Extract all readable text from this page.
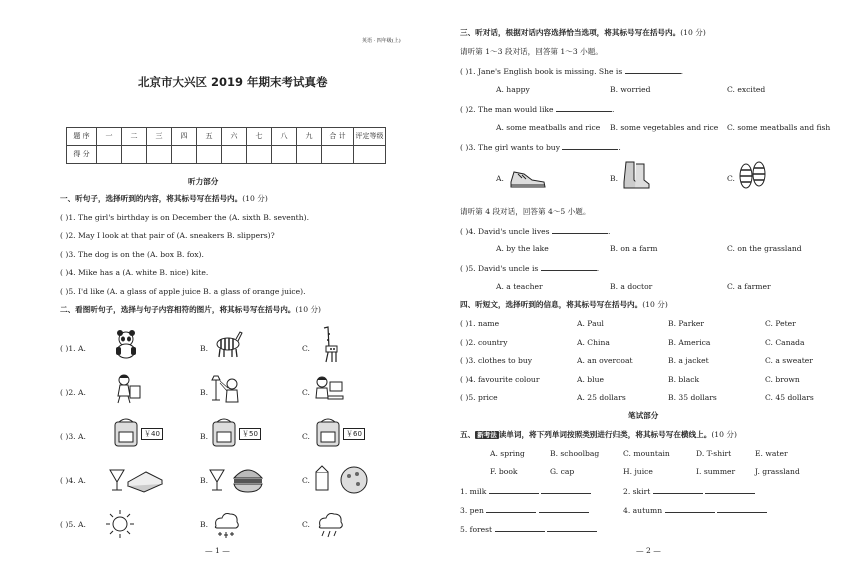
英语 · 四年级(上)
北京市大兴区 2019 年期末考试真卷
题 序	一	二	三	四	五	六	七	八	九	合 计	评定等级
得 分											
听力部分
一、听句子，选择听到的内容，将其标号写在括号内。(10 分)
( )1. The girl's birthday is on December the (A. sixth B. seventh).
( )2. May I look at that pair of (A. sneakers B. slippers)?
( )3. The dog is on the (A. box B. fox).
( )4. Mike has a (A. white B. nice) kite.
( )5. I'd like (A. a glass of apple juice B. a glass of orange juice).
二、看图听句子，选择与句子内容相符的图片，将其标号写在括号内。(10 分)
( )1. A.	B.	C.
( )2. A.	B.	C.
( )3. A.	￥40	B.	￥50	C.	￥60
( )4. A.	B.	C.
( )5. A.	B.	C.
— 1 —
三、听对话，根据对话内容选择恰当选项，将其标号写在括号内。(10 分)
请听第 1～3 段对话，回答第 1～3 小题。
( )1. Jane's English book is missing. She is	.
A. happy	B. worried	C. excited
( )2. The man would like	.
A. some meatballs and rice B. some vegetables and rice C. some meatballs and fish
( )3. The girl wants to buy	.
A.	B.	C.
请听第 4 段对话，回答第 4～5 小题。
( )4. David's uncle lives	.
A. by the lake	B. on a farm	C. on the grassland
( )5. David's uncle is	.
A. a teacher	B. a doctor	C. a farmer
四、听短文，选择听到的信息，将其标号写在括号内。(10 分)
( )1. name	A. Paul	B. Parker	C. Peter
( )2. country	A. China	B. America	C. Canada
( )3. clothes to buy	A. an overcoat	B. a jacket	C. a sweater
( )4. favourite colour	A. blue	B. black	C. brown
( )5. price	A. 25 dollars	B. 35 dollars	C. 45 dollars
笔试部分
五、 新考法 读单词，将下列单词按照类别进行归类，将其标号写在横线上。(10 分)
A. spring	B. schoolbag	C. mountain	D. T-shirt	E. water
F. book	G. cap	H. juice	I. summer	J. grassland
1. milk	2. skirt
3. pen	4. autumn
5. forest
— 2 —
